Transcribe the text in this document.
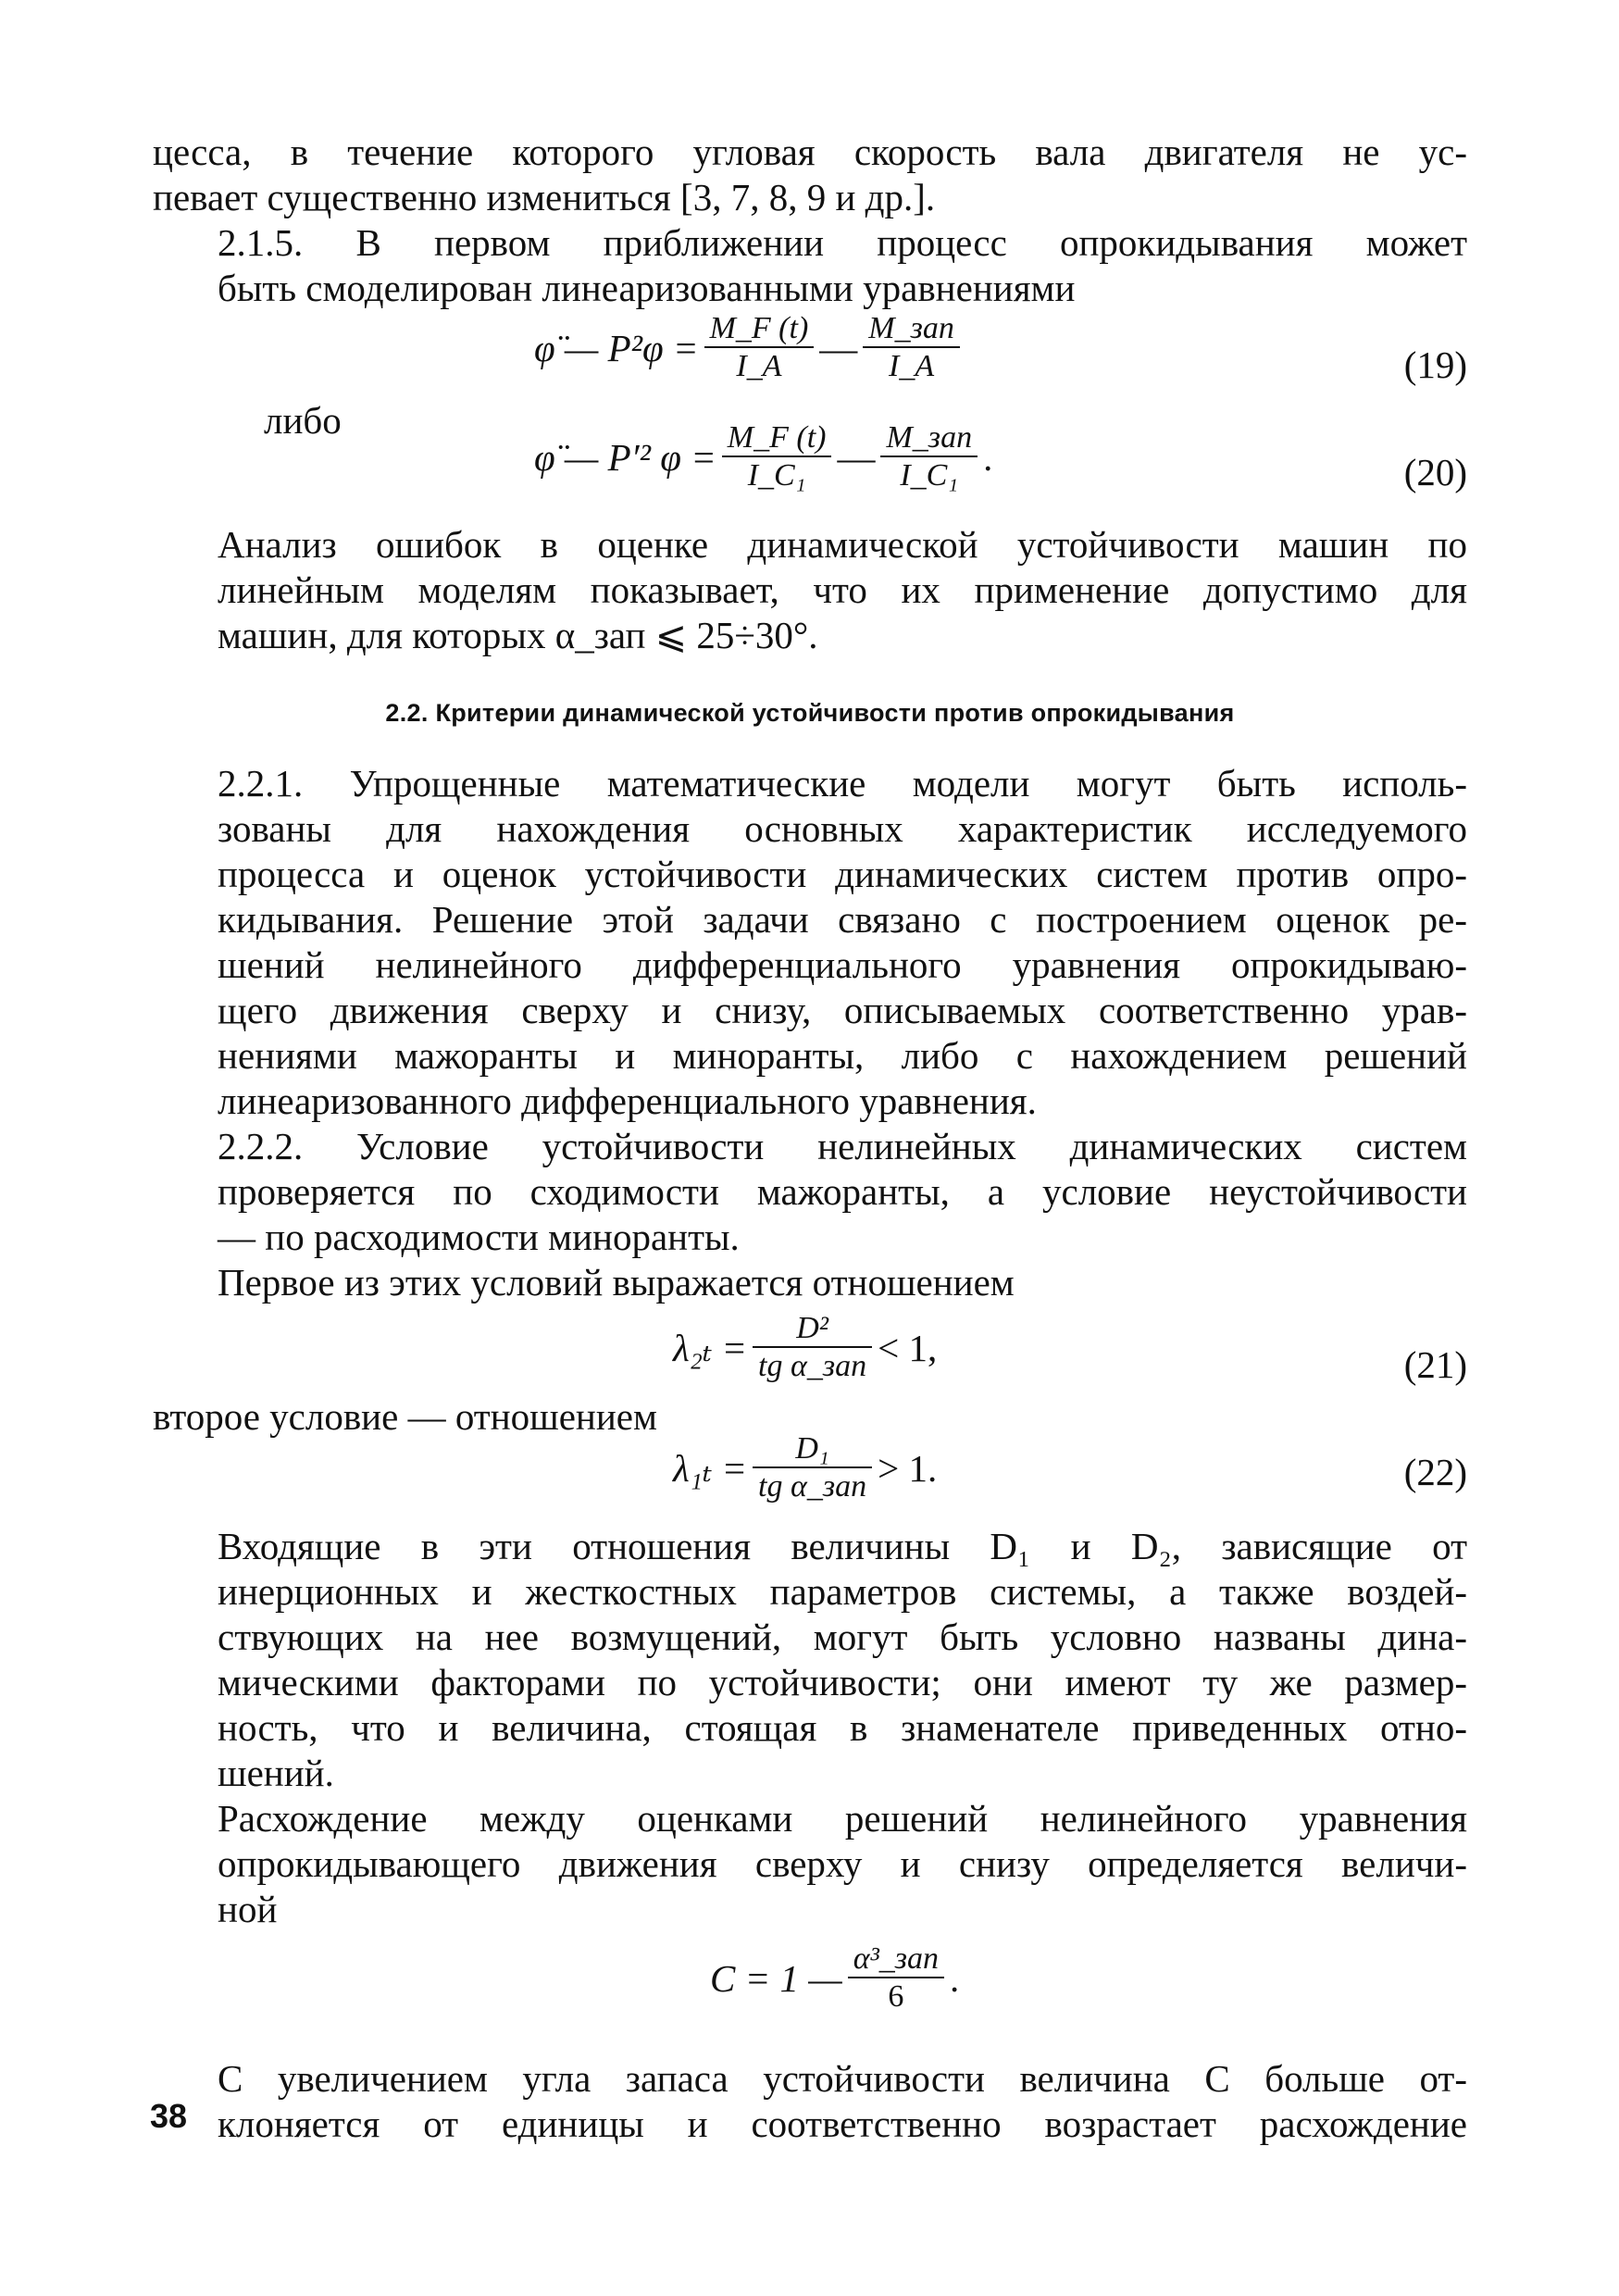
цесса, в течение которого угловая скорость вала двигателя не ус-
певает существенно измениться [3, 7, 8, 9 и др.].

2.1.5. В первом приближении процесс опрокидывания может
быть смоделирован линеаризованными уравнениями

φ̈ — $P^2\varphi = \frac{M\_F (t)}{I\_A}$ — $\frac{\text{M\_зап}}{I\_A}$	(19)
либо
φ̈ — P′² $\varphi = \frac{M\_F (t)}{\text{I\_C₁}}$ — $\frac{\text{M\_зап}}{\text{I\_C₁}}$ .	(20)

Анализ ошибок в оценке динамической устойчивости машин по
линейным моделям показывает, что их применение допустимо для
машин, для которых α_зап ⩽ 25÷30°.

2.2. Критерии динамической устойчивости против опрокидывания

2.2.1. Упрощенные математические модели могут быть исполь-
зованы для нахождения основных характеристик исследуемого
процесса и оценок устойчивости динамических систем против опро-
кидывания. Решение этой задачи связано с построением оценок ре-
шений нелинейного дифференциального уравнения опрокидываю-
щего движения сверху и снизу, описываемых соответственно урав-
нениями мажоранты и миноранты, либо с нахождением решений
линеаризованного дифференциального уравнения.

2.2.2. Условие устойчивости нелинейных динамических систем
проверяется по сходимости мажоранты, а условие неустойчивости
— по расходимости миноранты.

Первое из этих условий выражается отношением

$\lambda_{2t} = \frac{\text{D²}}{\text{tg α\_зап}} < 1$,	(21)
второе условие — отношением
$\lambda_{1t} = \frac{\text{D₁}}{\text{tg α\_зап}} > 1$.	(22)

Входящие в эти отношения величины D₁ и D₂, зависящие от
инерционных и жесткостных параметров системы, а также воздей-
ствующих на нее возмущений, могут быть условно названы дина-
мическими факторами по устойчивости; они имеют ту же размер-
ность, что и величина, стоящая в знаменателе приведенных отно-
шений.

Расхождение между оценками решений нелинейного уравнения
опрокидывающего движения сверху и снизу определяется величи-
ной

C = 1 — $\frac{\text{α³\_зап}}{6}$ .

С увеличением угла запаса устойчивости величина С больше от-
клоняется от единицы и соответственно возрастает расхождение

38
